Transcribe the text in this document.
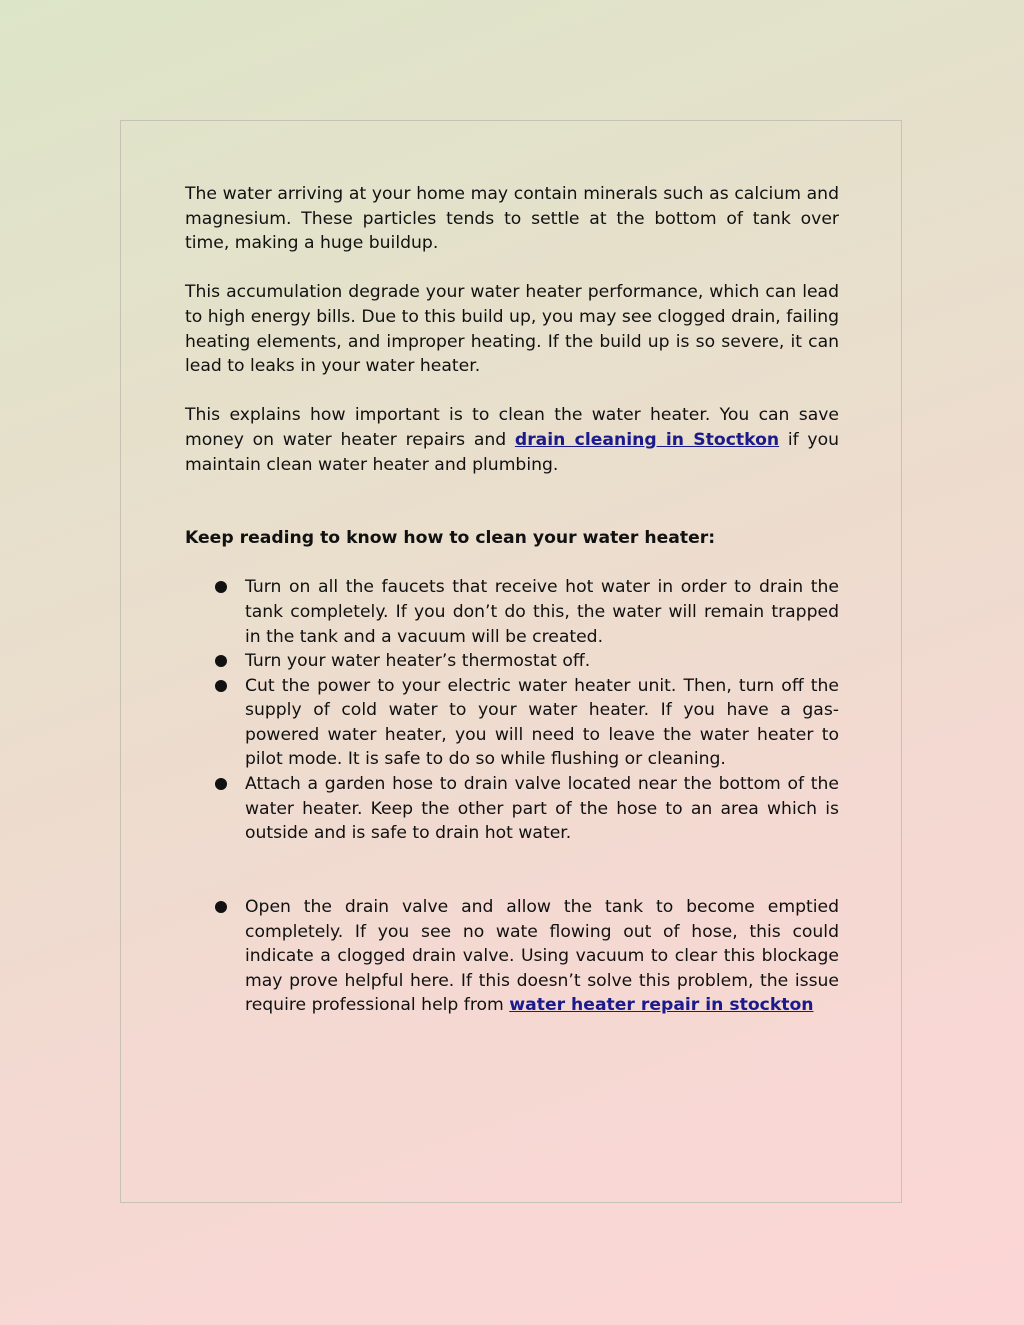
The water arriving at your home may contain minerals such as calcium and magnesium. These particles tends to settle at the bottom of tank over time, making a huge buildup.

This accumulation degrade your water heater performance, which can lead to high energy bills. Due to this build up, you may see clogged drain, failing heating elements, and improper heating. If the build up is so severe, it can lead to leaks in your water heater.

This explains how important is to clean the water heater. You can save money on water heater repairs and drain cleaning in Stoctkon if you maintain clean water heater and plumbing.

Keep reading to know how to clean your water heater:

Turn on all the faucets that receive hot water in order to drain the tank completely. If you don’t do this, the water will remain trapped in the tank and a vacuum will be created.
Turn your water heater’s thermostat off.
Cut the power to your electric water heater unit. Then, turn off the supply of cold water to your water heater. If you have a gas-powered water heater, you will need to leave the water heater to pilot mode. It is safe to do so while flushing or cleaning.
Attach a garden hose to drain valve located near the bottom of the water heater. Keep the other part of the hose to an area which is outside and is safe to drain hot water.
Open the drain valve and allow the tank to become emptied completely. If you see no wate flowing out of hose, this could indicate a clogged drain valve. Using vacuum to clear this blockage may prove helpful here. If this doesn’t solve this problem, the issue require professional help from water heater repair in stockton
